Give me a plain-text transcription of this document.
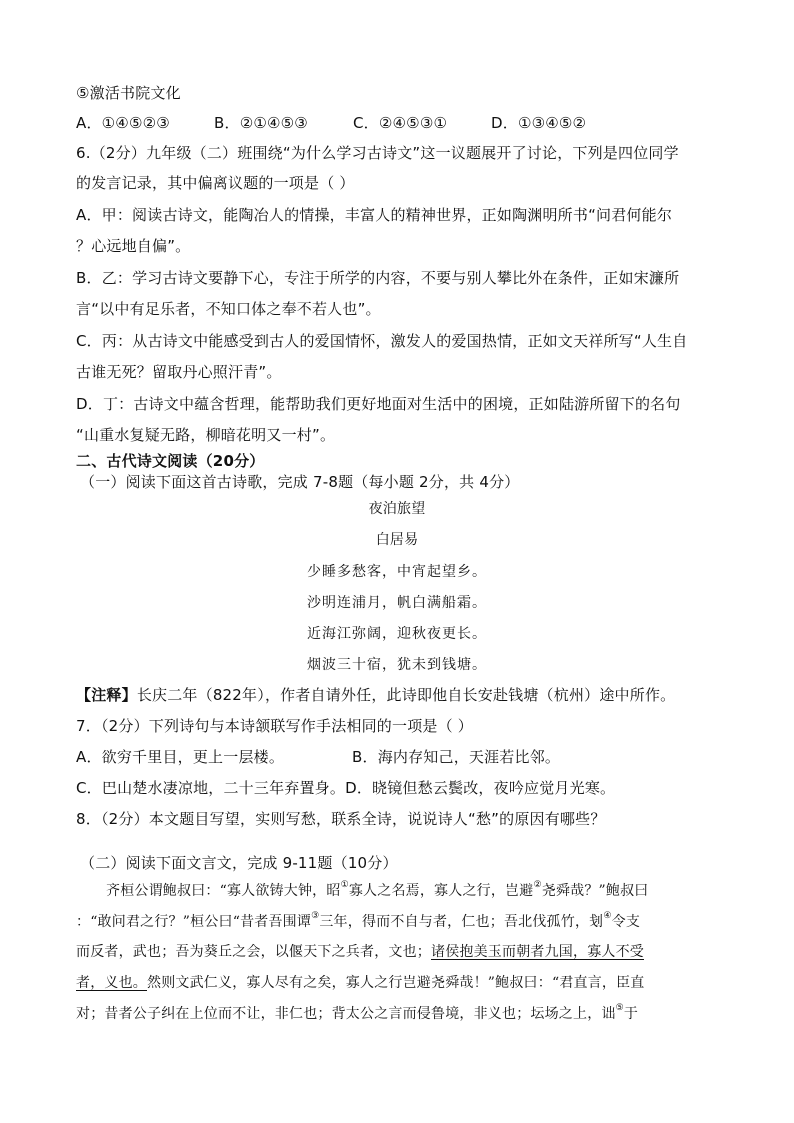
⑤激活书院文化
A．①④⑤②③	B．②①④⑤③	C．②④⑤③①	D．①③④⑤②
6.（2分）九年级（二）班围绕“为什么学习古诗文”这一议题展开了讨论，下列是四位同学
的发言记录，其中偏离议题的一项是（ ）
A．甲：阅读古诗文，能陶冶人的情操，丰富人的精神世界，正如陶渊明所书“问君何能尔
？心远地自偏”。
B．乙：学习古诗文要静下心，专注于所学的内容，不要与别人攀比外在条件，正如宋濂所
言“以中有足乐者，不知口体之奉不若人也”。
C．丙：从古诗文中能感受到古人的爱国情怀，激发人的爱国热情，正如文天祥所写“人生自
古谁无死？留取丹心照汗青”。
D．丁：古诗文中蕴含哲理，能帮助我们更好地面对生活中的困境，正如陆游所留下的名句
“山重水复疑无路，柳暗花明又一村”。
二、古代诗文阅读（20分）
（一）阅读下面这首古诗歌，完成 7-8题（每小题 2分，共 4分）
夜泊旅望
白居易
少睡多愁客，中宵起望乡。
沙明连浦月，帆白满船霜。
近海江弥阔，迎秋夜更长。
烟波三十宿，犹未到钱塘。
【注释】长庆二年（822年），作者自请外任，此诗即他自长安赴钱塘（杭州）途中所作。
7．（2分）下列诗句与本诗颔联写作手法相同的一项是（ ）
A．欲穷千里目，更上一层楼。	B．海内存知己，天涯若比邻。
C．巴山楚水凄凉地，二十三年弃置身。D．晓镜但愁云鬓改，夜吟应觉月光寒。
8．（2分）本文题目写望，实则写愁，联系全诗，说说诗人“愁”的原因有哪些？
（二）阅读下面文言文，完成 9-11题（10分）
齐桓公谓鲍叔曰：“寡人欲铸大钟，昭①寡人之名焉，寡人之行，岂避②尧舜哉？”鲍叔曰
：“敢问君之行？”桓公曰“昔者吾围谭③三年，得而不自与者，仁也；吾北伐孤竹，刬④令支
而反者，武也；吾为葵丘之会，以偃天下之兵者，文也；诸侯抱美玉而朝者九国，寡人不受
者，义也。然则文武仁义，寡人尽有之矣，寡人之行岂避尧舜哉！”鲍叔曰：“君直言，臣直
对；昔者公子纠在上位而不让，非仁也；背太公之言而侵鲁境，非义也；坛场之上，诎⑤于
